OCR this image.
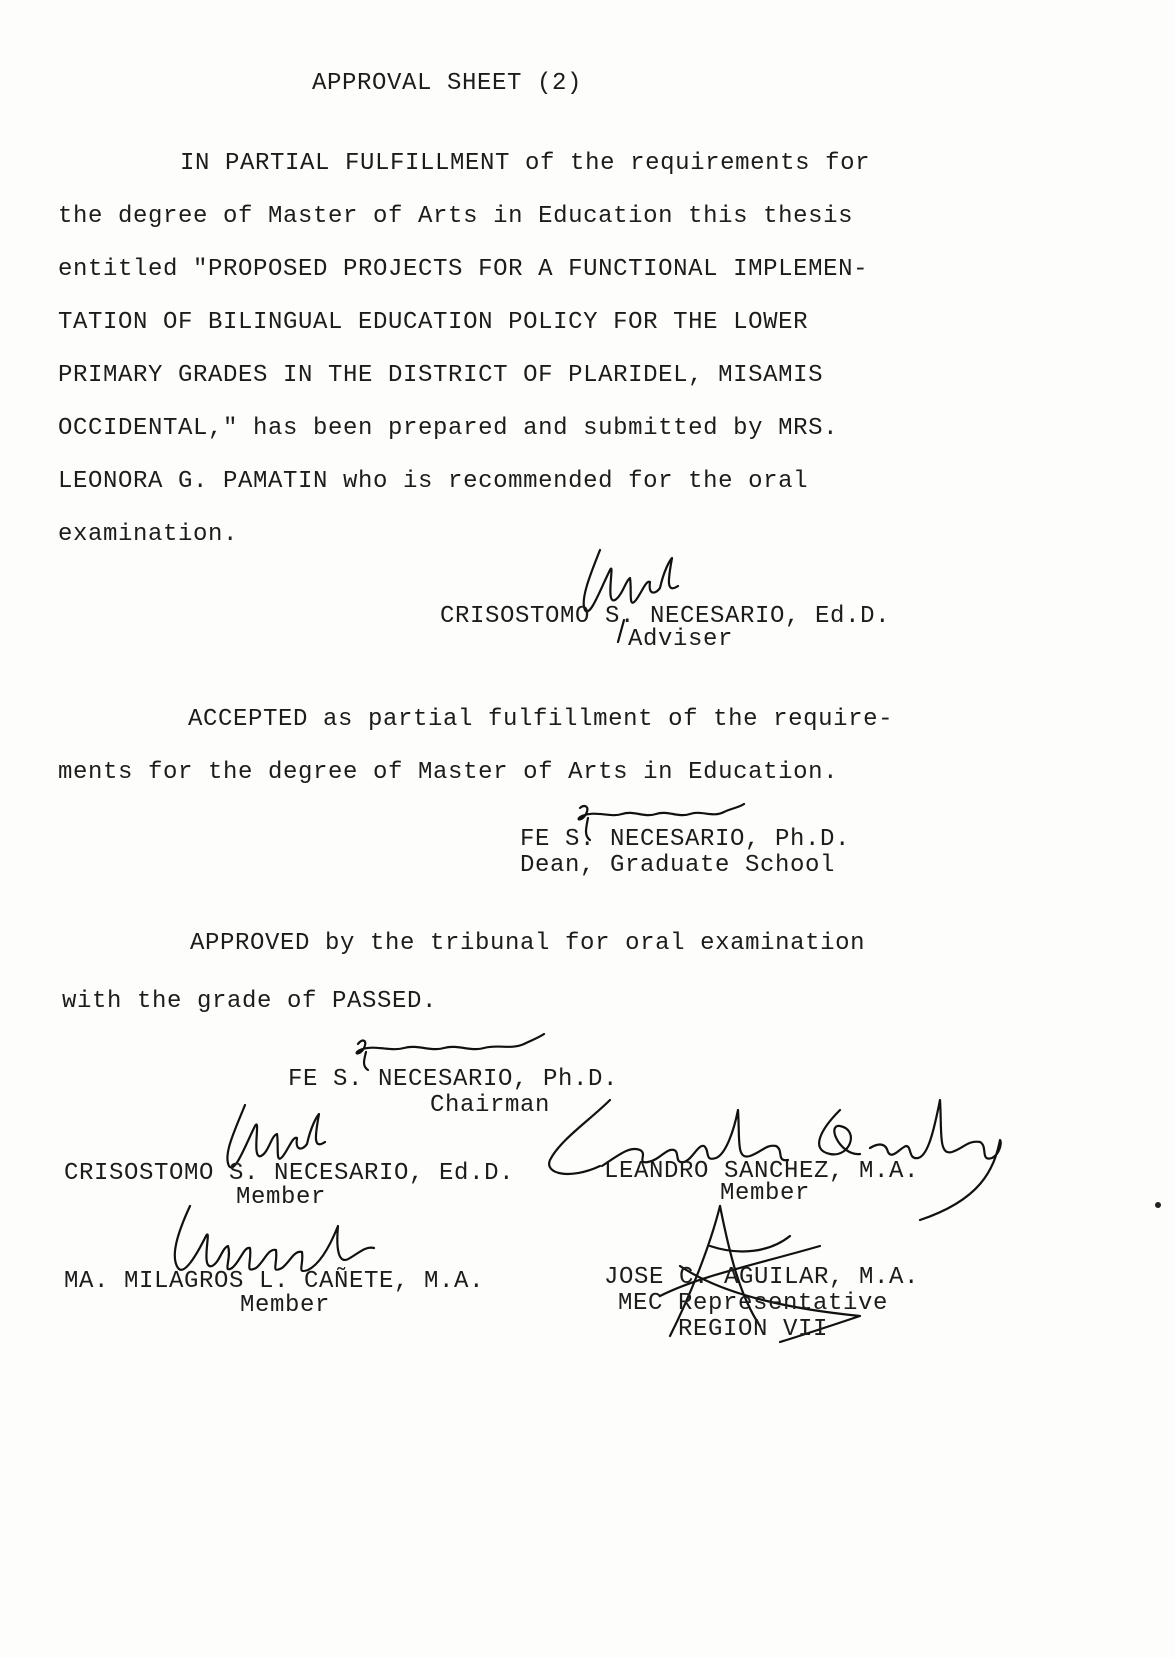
APPROVAL SHEET (2)
IN PARTIAL FULFILLMENT of the requirements for
the degree of Master of Arts in Education this thesis
entitled "PROPOSED PROJECTS FOR A FUNCTIONAL IMPLEMEN-
TATION OF BILINGUAL EDUCATION POLICY FOR THE LOWER
PRIMARY GRADES IN THE DISTRICT OF PLARIDEL, MISAMIS
OCCIDENTAL," has been prepared and submitted by MRS.
LEONORA G. PAMATIN who is recommended for the oral
examination.
CRISOSTOMO S. NECESARIO, Ed.D.
Adviser
ACCEPTED as partial fulfillment of the require-
ments for the degree of Master of Arts in Education.
FE S. NECESARIO, Ph.D.
Dean, Graduate School
APPROVED by the tribunal for oral examination
with the grade of PASSED.
FE S. NECESARIO, Ph.D.
Chairman
CRISOSTOMO S. NECESARIO, Ed.D.
Member
LEANDRO SANCHEZ, M.A.
Member
MA. MILAGROS L. CAÑETE, M.A.
Member
JOSE C. AGUILAR, M.A.
MEC Representative
REGION VII
